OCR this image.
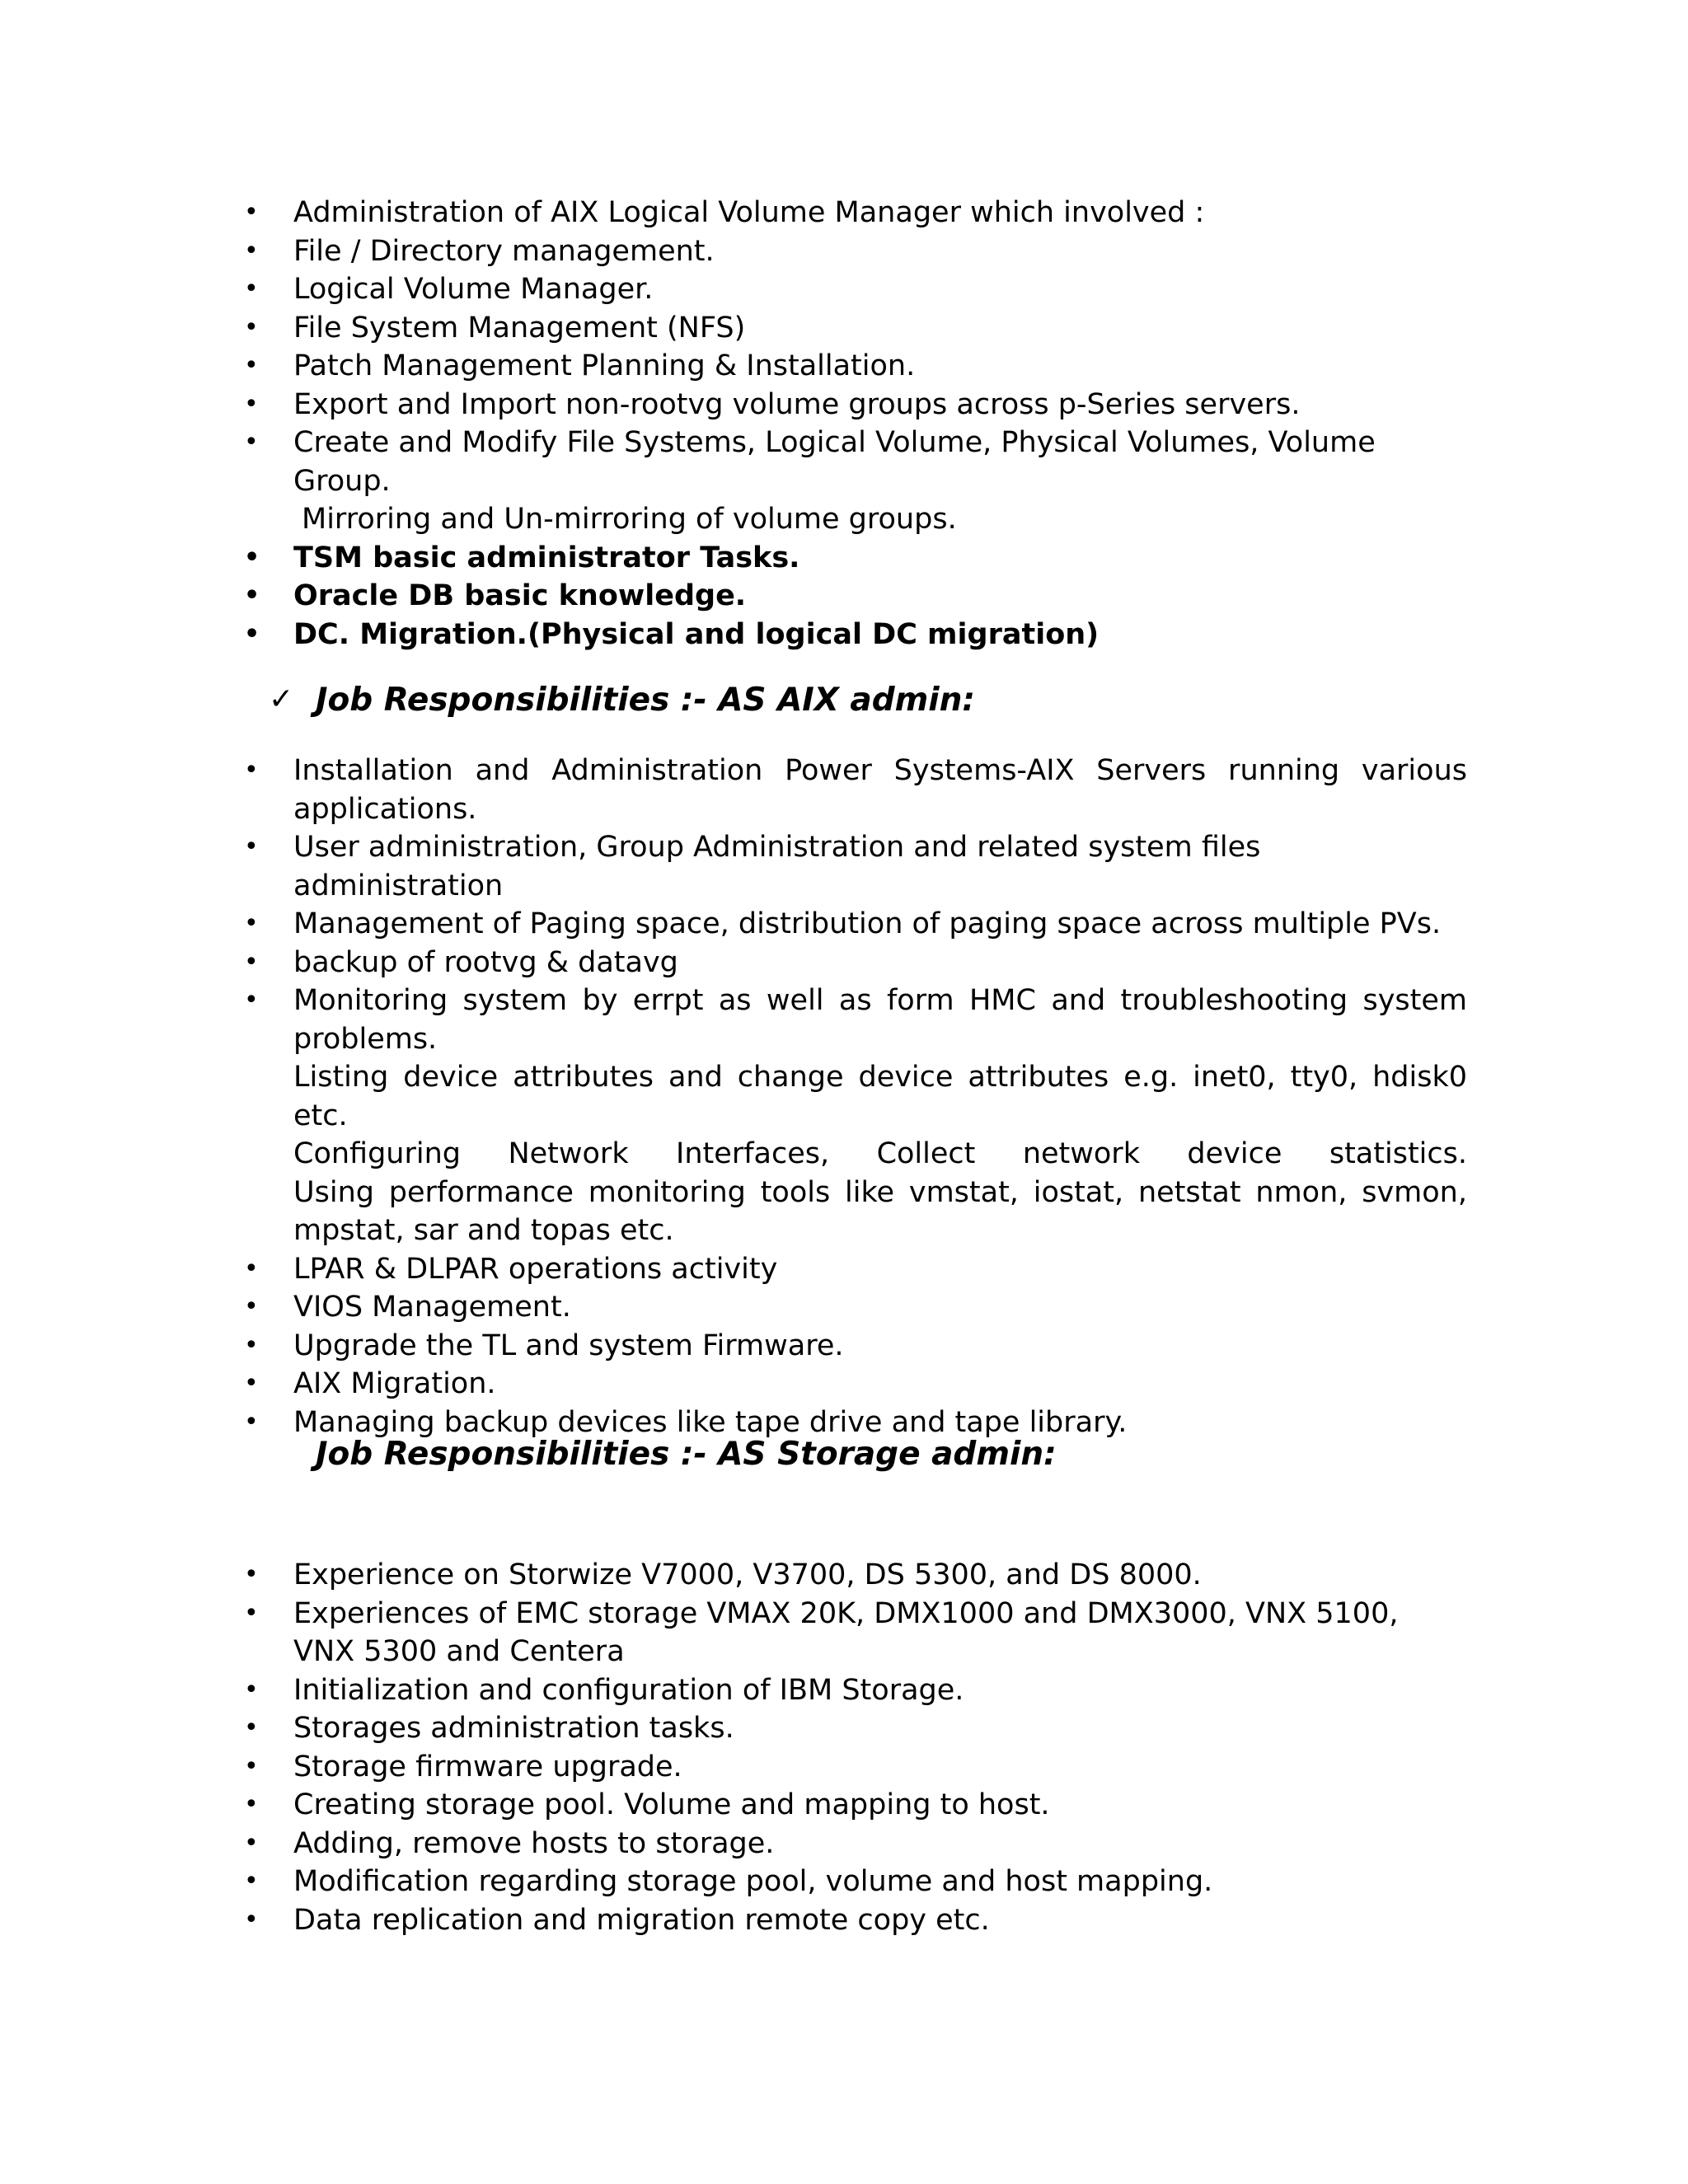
• Administration of AIX Logical Volume Manager which involved :
• File / Directory management.
• Logical Volume Manager.
• File System Management (NFS)
• Patch Management Planning & Installation.
• Export and Import non-rootvg volume groups across p-Series servers.
• Create and Modify File Systems, Logical Volume, Physical Volumes, Volume Group.
Mirroring and Un-mirroring of volume groups.
• TSM basic administrator Tasks.
• Oracle DB basic knowledge.
• DC. Migration.(Physical and logical DC migration)
✓ Job Responsibilities :- AS AIX admin:
• Installation and Administration Power Systems-AIX Servers running various applications.
• User administration, Group Administration and related system files administration
• Management of Paging space, distribution of paging space across multiple PVs.
• backup of rootvg & datavg
• Monitoring system by errpt as well as form HMC and troubleshooting system problems.
Listing device attributes and change device attributes e.g. inet0, tty0, hdisk0 etc.
Configuring Network Interfaces, Collect network device statistics.
Using performance monitoring tools like vmstat, iostat, netstat nmon, svmon, mpstat, sar and topas etc.
• LPAR & DLPAR operations activity
• VIOS Management.
• Upgrade the TL and system Firmware.
• AIX Migration.
• Managing backup devices like tape drive and tape library.
Job Responsibilities :- AS Storage admin:
• Experience on Storwize V7000, V3700, DS 5300, and DS 8000.
• Experiences of EMC storage VMAX 20K, DMX1000 and DMX3000, VNX 5100, VNX 5300 and Centera
• Initialization and configuration of IBM Storage.
• Storages administration tasks.
• Storage firmware upgrade.
• Creating storage pool. Volume and mapping to host.
• Adding, remove hosts to storage.
• Modification regarding storage pool, volume and host mapping.
• Data replication and migration remote copy etc.
